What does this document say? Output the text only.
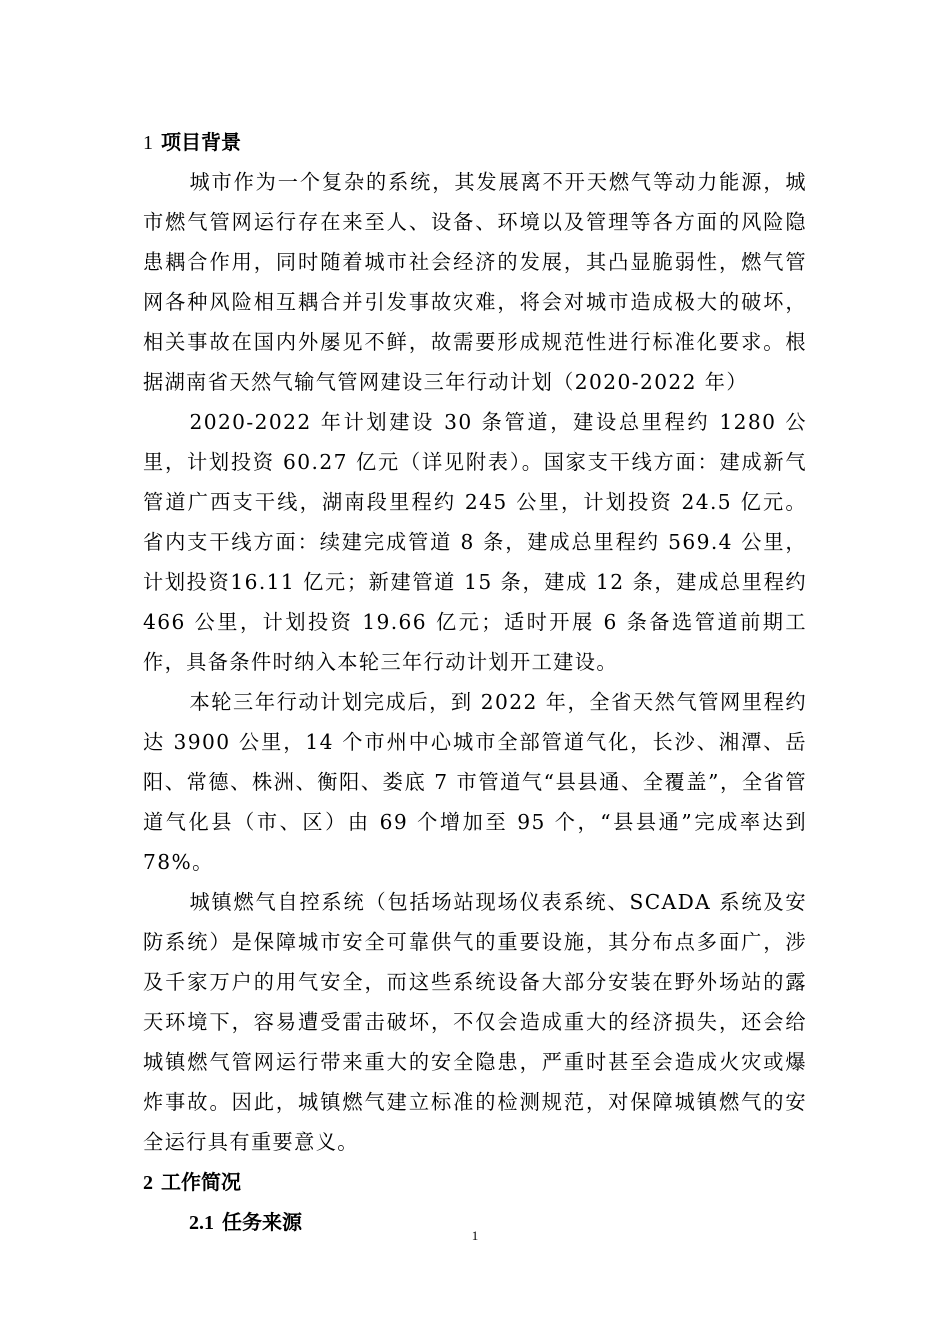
1 项目背景

城市作为一个复杂的系统，其发展离不开天燃气等动力能源，城市燃气管网运行存在来至人、设备、环境以及管理等各方面的风险隐患耦合作用，同时随着城市社会经济的发展，其凸显脆弱性，燃气管网各种风险相互耦合并引发事故灾难，将会对城市造成极大的破坏，相关事故在国内外屡见不鲜，故需要形成规范性进行标准化要求。根据湖南省天然气输气管网建设三年行动计划（2020-2022 年）

2020-2022 年计划建设 30 条管道，建设总里程约 1280 公里，计划投资 60.27 亿元（详见附表）。国家支干线方面：建成新气管道广西支干线，湖南段里程约 245 公里，计划投资 24.5 亿元。省内支干线方面：续建完成管道 8 条，建成总里程约 569.4 公里，计划投资16.11 亿元；新建管道 15 条，建成 12 条，建成总里程约 466 公里，计划投资 19.66 亿元；适时开展 6 条备选管道前期工作，具备条件时纳入本轮三年行动计划开工建设。

本轮三年行动计划完成后，到 2022 年，全省天然气管网里程约达 3900 公里，14 个市州中心城市全部管道气化，长沙、湘潭、岳阳、常德、株洲、衡阳、娄底 7 市管道气“县县通、全覆盖”，全省管道气化县（市、区）由 69 个增加至 95 个，“县县通”完成率达到 78%。

城镇燃气自控系统（包括场站现场仪表系统、SCADA 系统及安防系统）是保障城市安全可靠供气的重要设施，其分布点多面广，涉及千家万户的用气安全，而这些系统设备大部分安装在野外场站的露天环境下，容易遭受雷击破坏，不仅会造成重大的经济损失，还会给城镇燃气管网运行带来重大的安全隐患，严重时甚至会造成火灾或爆炸事故。因此，城镇燃气建立标准的检测规范，对保障城镇燃气的安全运行具有重要意义。

2 工作简况
2.1 任务来源
1
